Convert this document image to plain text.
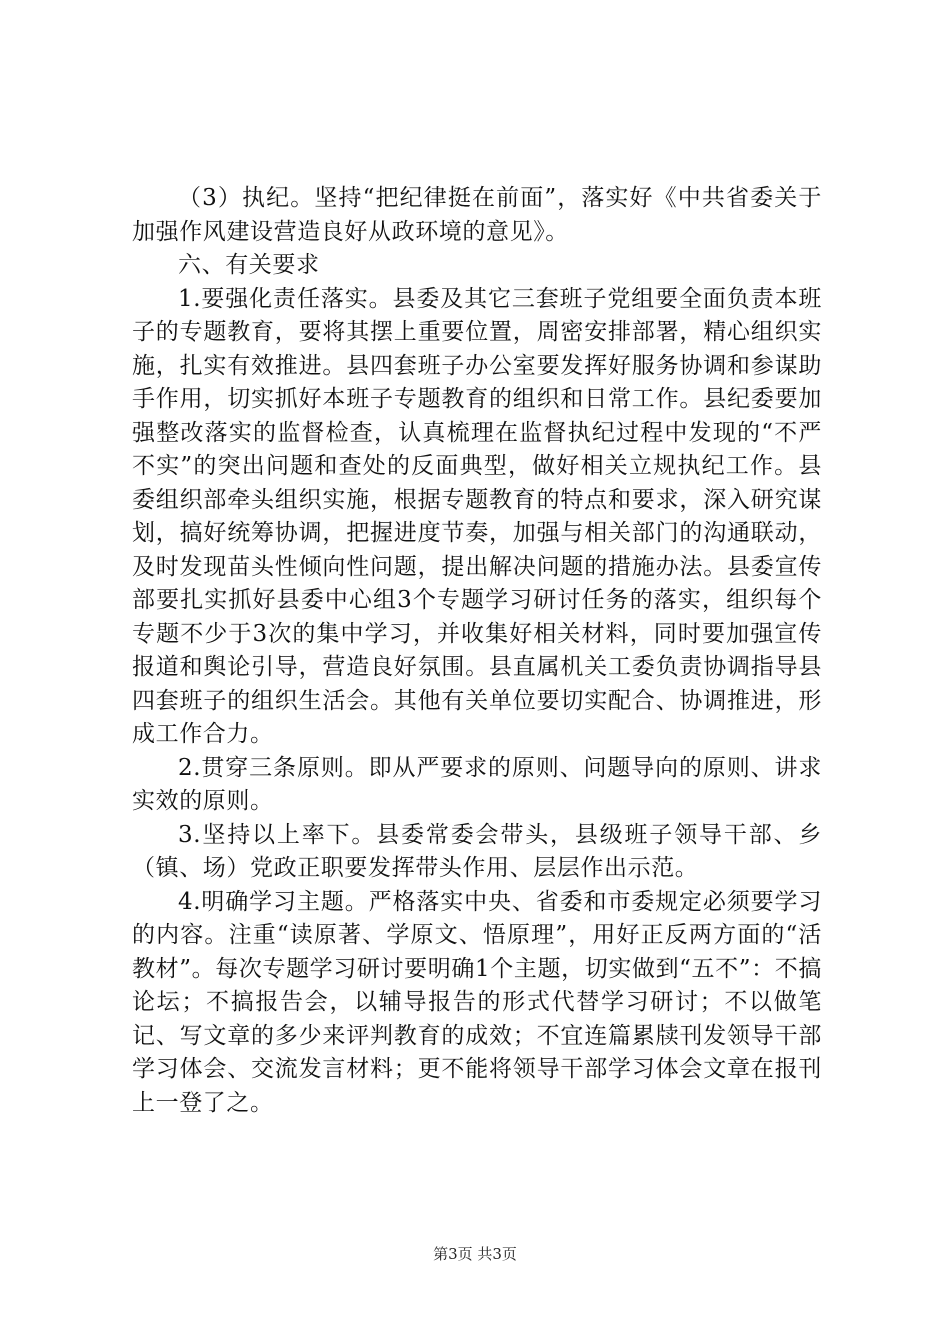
（3）执纪。坚持“把纪律挺在前面”，落实好《中共省委关于加强作风建设营造良好从政环境的意见》。

六、有关要求

1.要强化责任落实。县委及其它三套班子党组要全面负责本班子的专题教育，要将其摆上重要位置，周密安排部署，精心组织实施，扎实有效推进。县四套班子办公室要发挥好服务协调和参谋助手作用，切实抓好本班子专题教育的组织和日常工作。县纪委要加强整改落实的监督检查，认真梳理在监督执纪过程中发现的“不严不实”的突出问题和查处的反面典型，做好相关立规执纪工作。县委组织部牵头组织实施，根据专题教育的特点和要求，深入研究谋划，搞好统筹协调，把握进度节奏，加强与相关部门的沟通联动，及时发现苗头性倾向性问题，提出解决问题的措施办法。县委宣传部要扎实抓好县委中心组3个专题学习研讨任务的落实，组织每个专题不少于3次的集中学习，并收集好相关材料，同时要加强宣传报道和舆论引导，营造良好氛围。县直属机关工委负责协调指导县四套班子的组织生活会。其他有关单位要切实配合、协调推进，形成工作合力。

2.贯穿三条原则。即从严要求的原则、问题导向的原则、讲求实效的原则。

3.坚持以上率下。县委常委会带头，县级班子领导干部、乡（镇、场）党政正职要发挥带头作用、层层作出示范。

4.明确学习主题。严格落实中央、省委和市委规定必须要学习的内容。注重“读原著、学原文、悟原理”，用好正反两方面的“活教材”。每次专题学习研讨要明确1个主题，切实做到“五不”：不搞论坛；不搞报告会，以辅导报告的形式代替学习研讨；不以做笔记、写文章的多少来评判教育的成效；不宜连篇累牍刊发领导干部学习体会、交流发言材料；更不能将领导干部学习体会文章在报刊上一登了之。

第3页 共3页
